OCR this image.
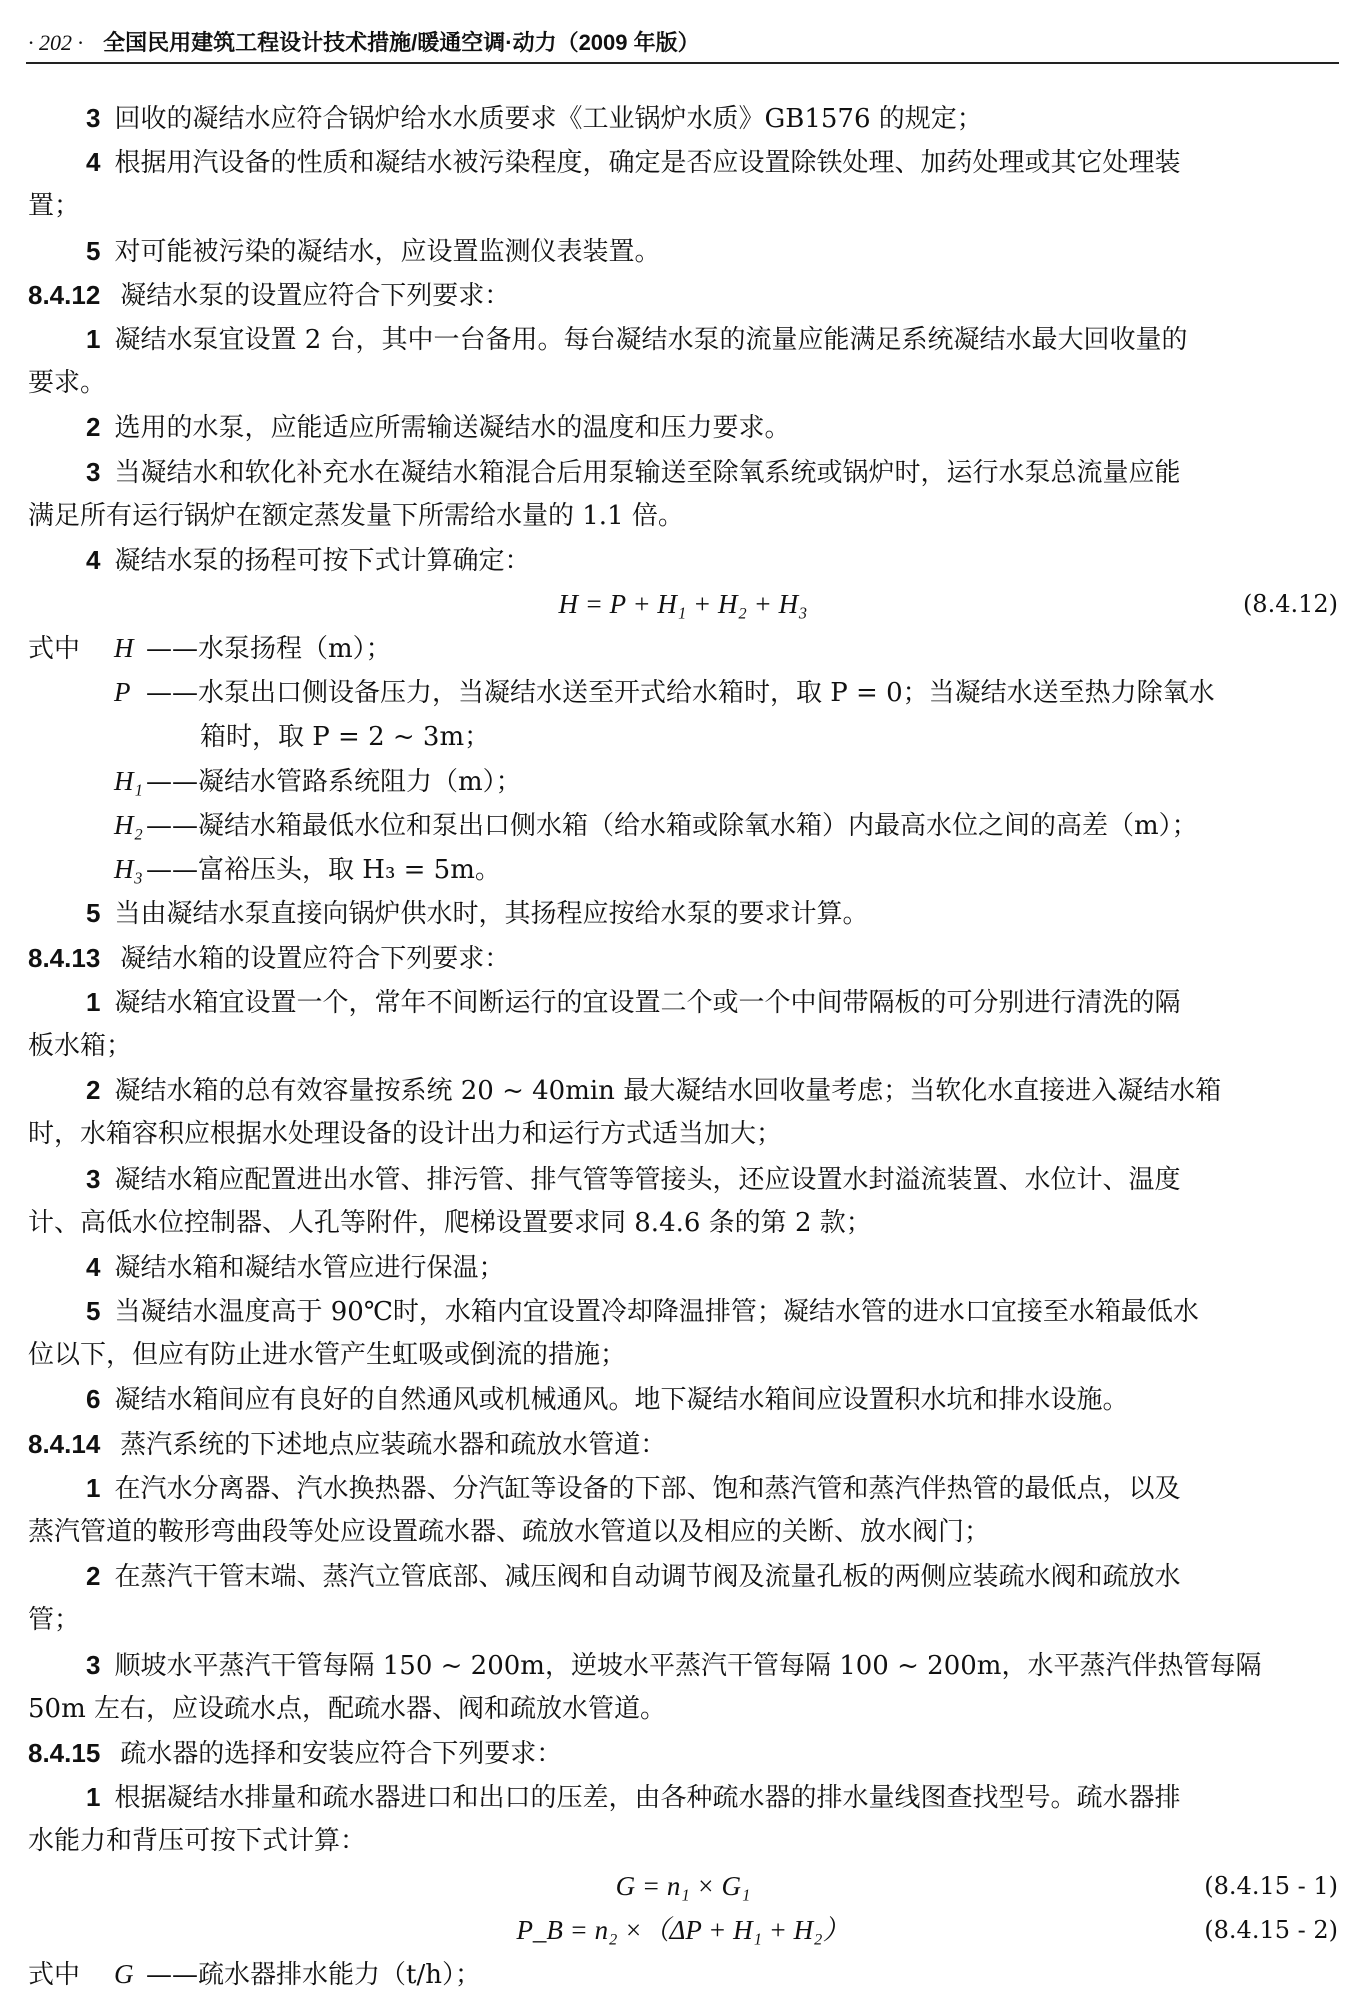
· 202 · 全国民用建筑工程设计技术措施/暖通空调·动力（2009 年版）
3 回收的凝结水应符合锅炉给水水质要求《工业锅炉水质》GB1576 的规定；
4 根据用汽设备的性质和凝结水被污染程度，确定是否应设置除铁处理、加药处理或其它处理装
置；
5 对可能被污染的凝结水，应设置监测仪表装置。
8.4.12 凝结水泵的设置应符合下列要求：
1 凝结水泵宜设置 2 台，其中一台备用。每台凝结水泵的流量应能满足系统凝结水最大回收量的
要求。
2 选用的水泵，应能适应所需输送凝结水的温度和压力要求。
3 当凝结水和软化补充水在凝结水箱混合后用泵输送至除氧系统或锅炉时，运行水泵总流量应能
满足所有运行锅炉在额定蒸发量下所需给水量的 1.1 倍。
4 凝结水泵的扬程可按下式计算确定：
H = P + H₁ + H₂ + H₃	(8.4.12)
式中 H ——水泵扬程（m）；
P ——水泵出口侧设备压力，当凝结水送至开式给水箱时，取 P = 0；当凝结水送至热力除氧水
箱时，取 P = 2 ~ 3m；
H₁ ——凝结水管路系统阻力（m）；
H₂ ——凝结水箱最低水位和泵出口侧水箱（给水箱或除氧水箱）内最高水位之间的高差（m）；
H₃ ——富裕压头，取 H₃ = 5m。
5 当由凝结水泵直接向锅炉供水时，其扬程应按给水泵的要求计算。
8.4.13 凝结水箱的设置应符合下列要求：
1 凝结水箱宜设置一个，常年不间断运行的宜设置二个或一个中间带隔板的可分别进行清洗的隔
板水箱；
2 凝结水箱的总有效容量按系统 20 ~ 40min 最大凝结水回收量考虑；当软化水直接进入凝结水箱
时，水箱容积应根据水处理设备的设计出力和运行方式适当加大；
3 凝结水箱应配置进出水管、排污管、排气管等管接头，还应设置水封溢流装置、水位计、温度
计、高低水位控制器、人孔等附件，爬梯设置要求同 8.4.6 条的第 2 款；
4 凝结水箱和凝结水管应进行保温；
5 当凝结水温度高于 90℃时，水箱内宜设置冷却降温排管；凝结水管的进水口宜接至水箱最低水
位以下，但应有防止进水管产生虹吸或倒流的措施；
6 凝结水箱间应有良好的自然通风或机械通风。地下凝结水箱间应设置积水坑和排水设施。
8.4.14 蒸汽系统的下述地点应装疏水器和疏放水管道：
1 在汽水分离器、汽水换热器、分汽缸等设备的下部、饱和蒸汽管和蒸汽伴热管的最低点，以及
蒸汽管道的鞍形弯曲段等处应设置疏水器、疏放水管道以及相应的关断、放水阀门；
2 在蒸汽干管末端、蒸汽立管底部、减压阀和自动调节阀及流量孔板的两侧应装疏水阀和疏放水
管；
3 顺坡水平蒸汽干管每隔 150 ~ 200m，逆坡水平蒸汽干管每隔 100 ~ 200m，水平蒸汽伴热管每隔
50m 左右，应设疏水点，配疏水器、阀和疏放水管道。
8.4.15 疏水器的选择和安装应符合下列要求：
1 根据凝结水排量和疏水器进口和出口的压差，由各种疏水器的排水量线图查找型号。疏水器排
水能力和背压可按下式计算：
G = n₁ × G₁	(8.4.15 - 1)
P_B = n₂ ×（ΔP + H₁ + H₂）	(8.4.15 - 2)
式中 G ——疏水器排水能力（t/h）；
